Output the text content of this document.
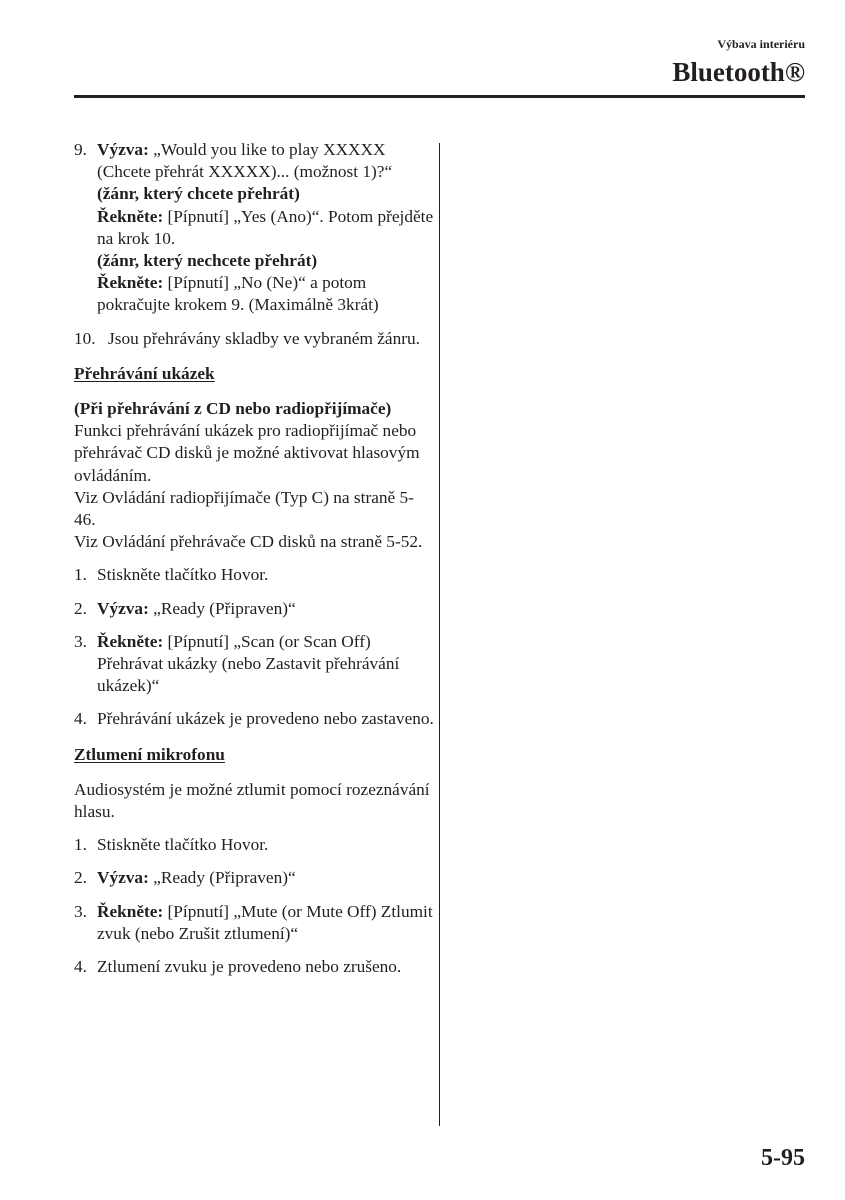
Výbava interiéru
Bluetooth®
9. Výzva: „Would you like to play XXXXX (Chcete přehrát XXXXX)... (možnost 1)?“
(žánr, který chcete přehrát)
Řekněte: [Pípnutí] „Yes (Ano)“. Potom přejděte na krok 10.
(žánr, který nechcete přehrát)
Řekněte: [Pípnutí] „No (Ne)“ a potom pokračujte krokem 9. (Maximálně 3krát)
10. Jsou přehrávány skladby ve vybraném žánru.
Přehrávání ukázek
(Při přehrávání z CD nebo radiopřijímače)
Funkci přehrávání ukázek pro radiopřijímač nebo přehrávač CD disků je možné aktivovat hlasovým ovládáním.
Viz Ovládání radiopřijímače (Typ C) na straně 5-46.
Viz Ovládání přehrávače CD disků na straně 5-52.
1. Stiskněte tlačítko Hovor.
2. Výzva: „Ready (Připraven)“
3. Řekněte: [Pípnutí] „Scan (or Scan Off) Přehrávat ukázky (nebo Zastavit přehrávání ukázek)“
4. Přehrávání ukázek je provedeno nebo zastaveno.
Ztlumení mikrofonu
Audiosystém je možné ztlumit pomocí rozeznávání hlasu.
1. Stiskněte tlačítko Hovor.
2. Výzva: „Ready (Připraven)“
3. Řekněte: [Pípnutí] „Mute (or Mute Off) Ztlumit zvuk (nebo Zrušit ztlumení)“
4. Ztlumení zvuku je provedeno nebo zrušeno.
5-95
